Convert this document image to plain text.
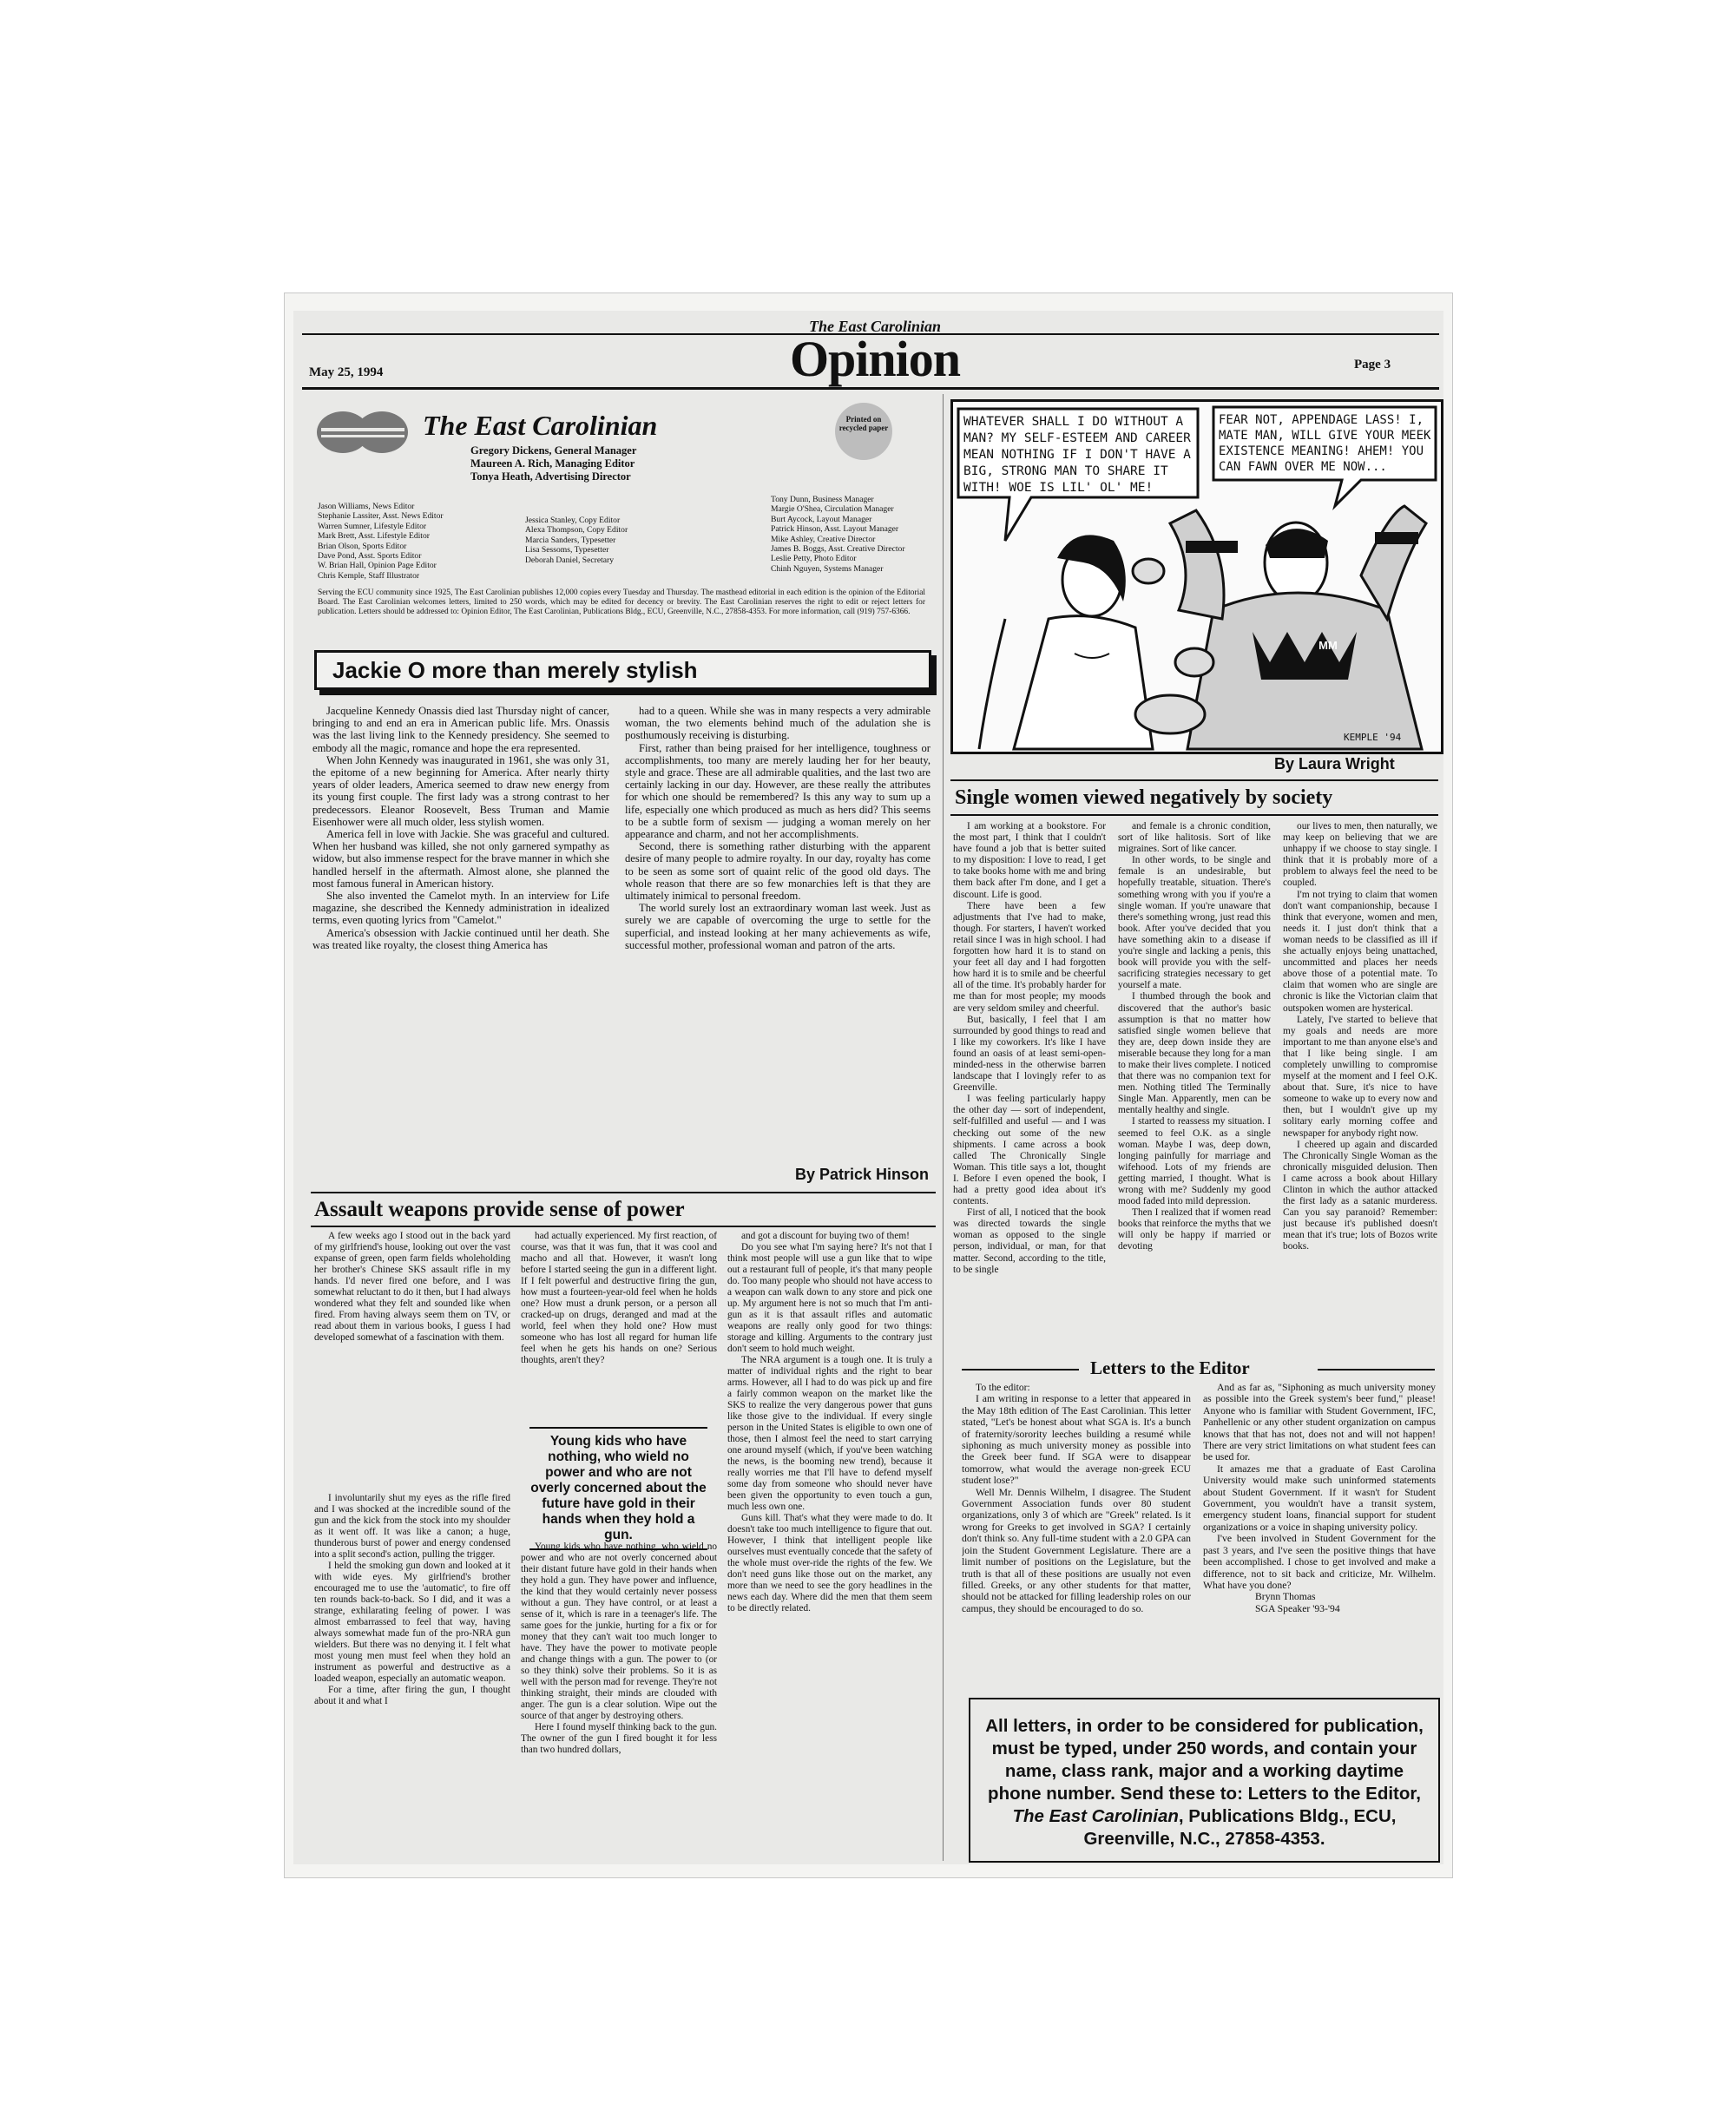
The East Carolinian
Opinion
May 25, 1994
Page 3
The East Carolinian	Printed on recycled paper
Gregory Dickens, General Manager
Maureen A. Rich, Managing Editor
Tonya Heath, Advertising Director
Jason Williams, News Editor
Stephanie Lassiter, Asst. News Editor
Warren Sumner, Lifestyle Editor
Mark Brett, Asst. Lifestyle Editor
Brian Olson, Sports Editor
Dave Pond, Asst. Sports Editor
W. Brian Hall, Opinion Page Editor
Chris Kemple, Staff Illustrator
Jessica Stanley, Copy Editor
Alexa Thompson, Copy Editor
Marcia Sanders, Typesetter
Lisa Sessoms, Typesetter
Deborah Daniel, Secretary
Tony Dunn, Business Manager
Margie O'Shea, Circulation Manager
Burt Aycock, Layout Manager
Patrick Hinson, Asst. Layout Manager
Mike Ashley, Creative Director
James B. Boggs, Asst. Creative Director
Leslie Petty, Photo Editor
Chinh Nguyen, Systems Manager
Serving the ECU community since 1925, The East Carolinian publishes 12,000 copies every Tuesday and Thursday. The masthead editorial in each edition is the opinion of the Editorial Board. The East Carolinian welcomes letters, limited to 250 words, which may be edited for decency or brevity. The East Carolinian reserves the right to edit or reject letters for publication. Letters should be addressed to: Opinion Editor, The East Carolinian, Publications Bldg., ECU, Greenville, N.C., 27858-4353. For more information, call (919) 757-6366.
WHATEVER SHALL I DO WITHOUT A MAN? MY SELF-ESTEEM AND CAREER MEAN NOTHING IF I DON'T HAVE A BIG, STRONG MAN TO SHARE IT WITH! WOE IS LIL' OL' ME!
FEAR NOT, APPENDAGE LASS! I, MATE MAN, WILL GIVE YOUR MEEK EXISTENCE MEANING! AHEM! YOU CAN FAWN OVER ME NOW...
MM
KEMPLE '94
By Laura Wright
Jackie O more than merely stylish

Jacqueline Kennedy Onassis died last Thursday night of cancer, bringing to and end an era in American public life. Mrs. Onassis was the last living link to the Kennedy presidency. She seemed to embody all the magic, romance and hope the era represented.

When John Kennedy was inaugurated in 1961, she was only 31, the epitome of a new beginning for America. After nearly thirty years of older leaders, America seemed to draw new energy from its young first couple. The first lady was a strong contrast to her predecessors. Eleanor Roosevelt, Bess Truman and Mamie Eisenhower were all much older, less stylish women.

America fell in love with Jackie. She was graceful and cultured. When her husband was killed, she not only garnered sympathy as widow, but also immense respect for the brave manner in which she handled herself in the aftermath. Almost alone, she planned the most famous funeral in American history.

She also invented the Camelot myth. In an interview for Life magazine, she described the Kennedy administration in idealized terms, even quoting lyrics from "Camelot."

America's obsession with Jackie continued until her death. She was treated like royalty, the closest thing America has

had to a queen. While she was in many respects a very admirable woman, the two elements behind much of the adulation she is posthumously receiving is disturbing.

First, rather than being praised for her intelligence, toughness or accomplishments, too many are merely lauding her for her beauty, style and grace. These are all admirable qualities, and the last two are certainly lacking in our day. However, are these really the attributes for which one should be remembered? Is this any way to sum up a life, especially one which produced as much as hers did? This seems to be a subtle form of sexism — judging a woman merely on her appearance and charm, and not her accomplishments.

Second, there is something rather disturbing with the apparent desire of many people to admire royalty. In our day, royalty has come to be seen as some sort of quaint relic of the good old days. The whole reason that there are so few monarchies left is that they are ultimately inimical to personal freedom.

The world surely lost an extraordinary woman last week. Just as surely we are capable of overcoming the urge to settle for the superficial, and instead looking at her many achievements as wife, successful mother, professional woman and patron of the arts.

By Patrick Hinson
Single women viewed negatively by society

I am working at a bookstore. For the most part, I think that I couldn't have found a job that is better suited to my disposition: I love to read, I get to take books home with me and bring them back after I'm done, and I get a discount. Life is good.

There have been a few adjustments that I've had to make, though. For starters, I haven't worked retail since I was in high school. I had forgotten how hard it is to stand on your feet all day and I had forgotten how hard it is to smile and be cheerful all of the time. It's probably harder for me than for most people; my moods are very seldom smiley and cheerful.

But, basically, I feel that I am surrounded by good things to read and I like my coworkers. It's like I have found an oasis of at least semi-open-minded-ness in the otherwise barren landscape that I lovingly refer to as Greenville.

I was feeling particularly happy the other day — sort of independent, self-fulfilled and useful — and I was checking out some of the new shipments. I came across a book called The Chronically Single Woman. This title says a lot, thought I. Before I even opened the book, I had a pretty good idea about it's contents.

First of all, I noticed that the book was directed towards the single woman as opposed to the single person, individual, or man, for that matter. Second, according to the title, to be single

and female is a chronic condition, sort of like halitosis. Sort of like migraines. Sort of like cancer.

In other words, to be single and female is an undesirable, but hopefully treatable, situation. There's something wrong with you if you're a single woman. If you're unaware that there's something wrong, just read this book. After you've decided that you have something akin to a disease if you're single and lacking a penis, this book will provide you with the self-sacrificing strategies necessary to get yourself a mate.

I thumbed through the book and discovered that the author's basic assumption is that no matter how satisfied single women believe that they are, deep down inside they are miserable because they long for a man to make their lives complete. I noticed that there was no companion text for men. Nothing titled The Terminally Single Man. Apparently, men can be mentally healthy and single.

I started to reassess my situation. I seemed to feel O.K. as a single woman. Maybe I was, deep down, longing painfully for marriage and wifehood. Lots of my friends are getting married, I thought. What is wrong with me? Suddenly my good mood faded into mild depression.

Then I realized that if women read books that reinforce the myths that we will only be happy if married or devoting

our lives to men, then naturally, we may keep on believing that we are unhappy if we choose to stay single. I think that it is probably more of a problem to always feel the need to be coupled.

I'm not trying to claim that women don't want companionship, because I think that everyone, women and men, needs it. I just don't think that a woman needs to be classified as ill if she actually enjoys being unattached, uncommitted and places her needs above those of a potential mate. To claim that women who are single are chronic is like the Victorian claim that outspoken women are hysterical.

Lately, I've started to believe that my goals and needs are more important to me than anyone else's and that I like being single. I am completely unwilling to compromise myself at the moment and I feel O.K. about that. Sure, it's nice to have someone to wake up to every now and then, but I wouldn't give up my solitary early morning coffee and newspaper for anybody right now.

I cheered up again and discarded The Chronically Single Woman as the chronically misguided delusion. Then I came across a book about Hillary Clinton in which the author attacked the first lady as a satanic murderess. Can you say paranoid? Remember: just because it's published doesn't mean that it's true; lots of Bozos write books.

Letters to the Editor

To the editor:

I am writing in response to a letter that appeared in the May 18th edition of The East Carolinian. This letter stated, "Let's be honest about what SGA is. It's a bunch of fraternity/sorority leeches building a resumé while siphoning as much university money as possible into the Greek beer fund. If SGA were to disappear tomorrow, what would the average non-greek ECU student lose?"

Well Mr. Dennis Wilhelm, I disagree. The Student Government Association funds over 80 student organizations, only 3 of which are "Greek" related. Is it wrong for Greeks to get involved in SGA? I certainly don't think so. Any full-time student with a 2.0 GPA can join the Student Government Legislature. There are a limit number of positions on the Legislature, but the truth is that all of these positions are usually not even filled. Greeks, or any other students for that matter, should not be attacked for filling leadership roles on our campus, they should be encouraged to do so.

And as far as, "Siphoning as much university money as possible into the Greek system's beer fund," please! Anyone who is familiar with Student Government, IFC, Panhellenic or any other student organization on campus knows that that has not, does not and will not happen! There are very strict limitations on what student fees can be used for.

It amazes me that a graduate of East Carolina University would make such uninformed statements about Student Government. If it wasn't for Student Government, you wouldn't have a transit system, emergency student loans, financial support for student organizations or a voice in shaping university policy.

I've been involved in Student Government for the past 3 years, and I've seen the positive things that have been accomplished. I chose to get involved and make a difference, not to sit back and criticize, Mr. Wilhelm. What have you done?

Brynn Thomas

SGA Speaker '93-'94

All letters, in order to be considered for publication, must be typed, under 250 words, and contain your name, class rank, major and a working daytime phone number. Send these to: Letters to the Editor, The East Carolinian, Publications Bldg., ECU, Greenville, N.C., 27858-4353.
Assault weapons provide sense of power

A few weeks ago I stood out in the back yard of my girlfriend's house, looking out over the vast expanse of green, open farm fields wholeholding her brother's Chinese SKS assault rifle in my hands. I'd never fired one before, and I was somewhat reluctant to do it then, but I had always wondered what they felt and sounded like when fired. From having always seem them on TV, or read about them in various books, I guess I had developed somewhat of a fascination with them.

I involuntarily shut my eyes as the rifle fired and I was shocked at the incredible sound of the gun and the kick from the stock into my shoulder as it went off. It was like a canon; a huge, thunderous burst of power and energy condensed into a split second's action, pulling the trigger.

I held the smoking gun down and looked at it with wide eyes. My girlfriend's brother encouraged me to use the 'automatic', to fire off ten rounds back-to-back. So I did, and it was a strange, exhilarating feeling of power. I was almost embarrassed to feel that way, having always somewhat made fun of the pro-NRA gun wielders. But there was no denying it. I felt what most young men must feel when they hold an instrument as powerful and destructive as a loaded weapon, especially an automatic weapon.

For a time, after firing the gun, I thought about it and what I

had actually experienced. My first reaction, of course, was that it was fun, that it was cool and macho and all that. However, it wasn't long before I started seeing the gun in a different light. If I felt powerful and destructive firing the gun, how must a fourteen-year-old feel when he holds one? How must a drunk person, or a person all cracked-up on drugs, deranged and mad at the world, feel when they hold one? How must someone who has lost all regard for human life feel when he gets his hands on one? Serious thoughts, aren't they?

Young kids who have nothing, who wield no power and who are not overly concerned about their distant future have gold in their hands when they hold a gun. They have power and influence, the kind that they would certainly never possess without a gun. They have control, or at least a sense of it, which is rare in a teenager's life. The same goes for the junkie, hurting for a fix or for money that they can't wait too much longer to have. They have the power to motivate people and change things with a gun. The power to (or so they think) solve their problems. So it is as well with the person mad for revenge. They're not thinking straight, their minds are clouded with anger. The gun is a clear solution. Wipe out the source of that anger by destroying others.

Here I found myself thinking back to the gun. The owner of the gun I fired bought it for less than two hundred dollars,

Young kids who have nothing, who wield no power and who are not overly concerned about the future have gold in their hands when they hold a gun.

and got a discount for buying two of them!

Do you see what I'm saying here? It's not that I think most people will use a gun like that to wipe out a restaurant full of people, it's that many people do. Too many people who should not have access to a weapon can walk down to any store and pick one up. My argument here is not so much that I'm anti-gun as it is that assault rifles and automatic weapons are really only good for two things: storage and killing. Arguments to the contrary just don't seem to hold much weight.

The NRA argument is a tough one. It is truly a matter of individual rights and the right to bear arms. However, all I had to do was pick up and fire a fairly common weapon on the market like the SKS to realize the very dangerous power that guns like those give to the individual. If every single person in the United States is eligible to own one of those, then I almost feel the need to start carrying one around myself (which, if you've been watching the news, is the booming new trend), because it really worries me that I'll have to defend myself some day from someone who should never have been given the opportunity to even touch a gun, much less own one.

Guns kill. That's what they were made to do. It doesn't take too much intelligence to figure that out. However, I think that intelligent people like ourselves must eventually concede that the safety of the whole must over-ride the rights of the few. We don't need guns like those out on the market, any more than we need to see the gory headlines in the news each day. Where did the men that them seem to be directly related.
